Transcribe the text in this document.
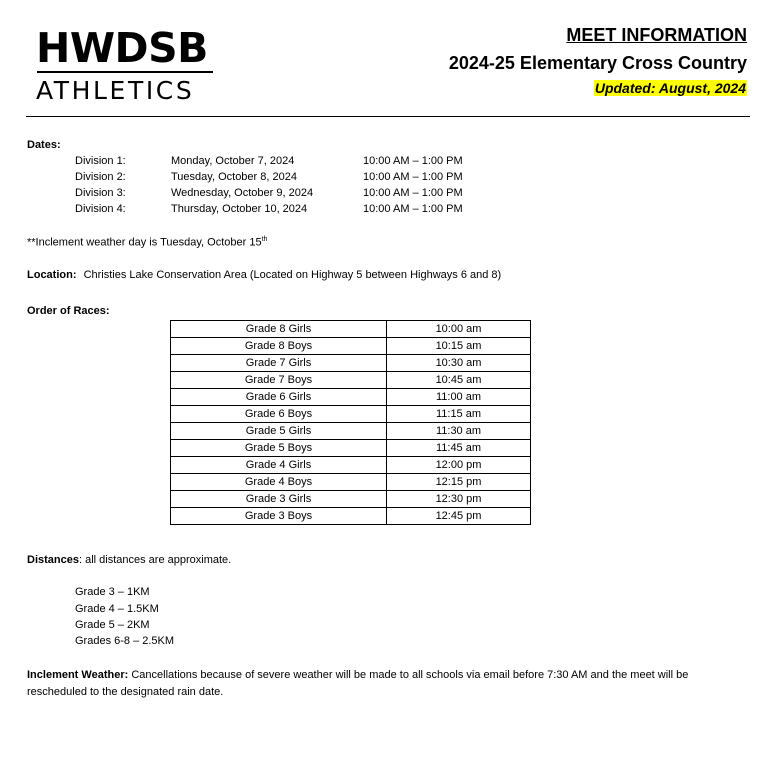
HWDSB
ATHLETICS
MEET INFORMATION
2024-25 Elementary Cross Country
Updated: August, 2024
Dates:
Division 1:	Monday, October 7, 2024	10:00 AM – 1:00 PM
Division 2:	Tuesday, October 8, 2024	10:00 AM – 1:00 PM
Division 3:	Wednesday, October 9, 2024	10:00 AM – 1:00 PM
Division 4:	Thursday, October 10, 2024	10:00 AM – 1:00 PM
**Inclement weather day is Tuesday, October 15th
Location: Christies Lake Conservation Area (Located on Highway 5 between Highways 6 and 8)
Order of Races:
Grade 8 Girls	10:00 am
Grade 8 Boys	10:15 am
Grade 7 Girls	10:30 am
Grade 7 Boys	10:45 am
Grade 6 Girls	11:00 am
Grade 6 Boys	11:15 am
Grade 5 Girls	11:30 am
Grade 5 Boys	11:45 am
Grade 4 Girls	12:00 pm
Grade 4 Boys	12:15 pm
Grade 3 Girls	12:30 pm
Grade 3 Boys	12:45 pm
Distances: all distances are approximate.
Grade 3 – 1KM
Grade 4 – 1.5KM
Grade 5 – 2KM
Grades 6-8 – 2.5KM
Inclement Weather: Cancellations because of severe weather will be made to all schools via email before 7:30 AM and the meet will be rescheduled to the designated rain date.
